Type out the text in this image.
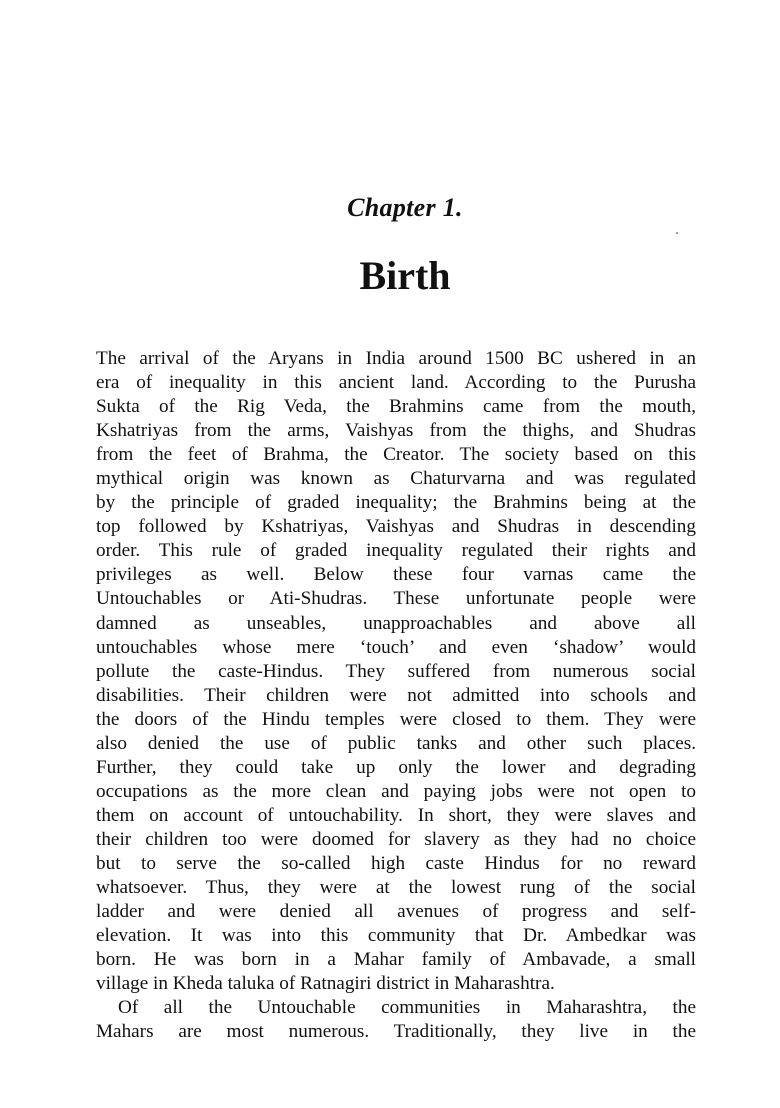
Chapter 1.
Birth
The arrival of the Aryans in India around 1500 BC ushered in an
era of inequality in this ancient land. According to the Purusha
Sukta of the Rig Veda, the Brahmins came from the mouth,
Kshatriyas from the arms, Vaishyas from the thighs, and Shudras
from the feet of Brahma, the Creator. The society based on this
mythical origin was known as Chaturvarna and was regulated
by the principle of graded inequality; the Brahmins being at the
top followed by Kshatriyas, Vaishyas and Shudras in descending
order. This rule of graded inequality regulated their rights and
privileges as well. Below these four varnas came the
Untouchables or Ati-Shudras. These unfortunate people were
damned as unseables, unapproachables and above all
untouchables whose mere ‘touch’ and even ‘shadow’ would
pollute the caste-Hindus. They suffered from numerous social
disabilities. Their children were not admitted into schools and
the doors of the Hindu temples were closed to them. They were
also denied the use of public tanks and other such places.
Further, they could take up only the lower and degrading
occupations as the more clean and paying jobs were not open to
them on account of untouchability. In short, they were slaves and
their children too were doomed for slavery as they had no choice
but to serve the so-called high caste Hindus for no reward
whatsoever. Thus, they were at the lowest rung of the social
ladder and were denied all avenues of progress and self-
elevation. It was into this community that Dr. Ambedkar was
born. He was born in a Mahar family of Ambavade, a small
village in Kheda taluka of Ratnagiri district in Maharashtra.
Of all the Untouchable communities in Maharashtra, the
Mahars are most numerous. Traditionally, they live in the
